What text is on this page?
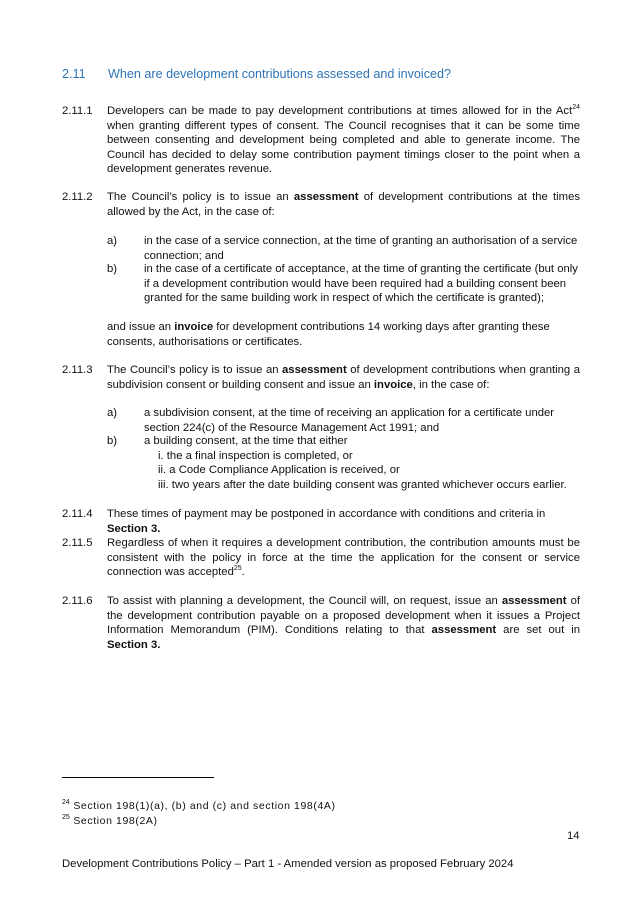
2.11 When are development contributions assessed and invoiced?
2.11.1 Developers can be made to pay development contributions at times allowed for in the Act$^{24}$ when granting different types of consent. The Council recognises that it can be some time between consenting and development being completed and able to generate income. The Council has decided to delay some contribution payment timings closer to the point when a development generates revenue.
2.11.2 The Council’s policy is to issue an assessment of development contributions at the times allowed by the Act, in the case of:
a) in the case of a service connection, at the time of granting an authorisation of a service connection; and
b) in the case of a certificate of acceptance, at the time of granting the certificate (but only if a development contribution would have been required had a building consent been granted for the same building work in respect of which the certificate is granted);
and issue an invoice for development contributions 14 working days after granting these consents, authorisations or certificates.
2.11.3 The Council’s policy is to issue an assessment of development contributions when granting a subdivision consent or building consent and issue an invoice, in the case of:
a) a subdivision consent, at the time of receiving an application for a certificate under section 224(c) of the Resource Management Act 1991; and
b) a building consent, at the time that either
i. the a final inspection is completed, or
ii. a Code Compliance Application is received, or
iii. two years after the date building consent was granted whichever occurs earlier.
2.11.4 These times of payment may be postponed in accordance with conditions and criteria in Section 3.
2.11.5 Regardless of when it requires a development contribution, the contribution amounts must be consistent with the policy in force at the time the application for the consent or service connection was accepted$^{25}$.
2.11.6 To assist with planning a development, the Council will, on request, issue an assessment of the development contribution payable on a proposed development when it issues a Project Information Memorandum (PIM). Conditions relating to that assessment are set out in Section 3.
$^{24}$ Section 198(1)(a), (b) and (c) and section 198(4A)
$^{25}$ Section 198(2A)
14
Development Contributions Policy – Part 1 - Amended version as proposed February 2024
